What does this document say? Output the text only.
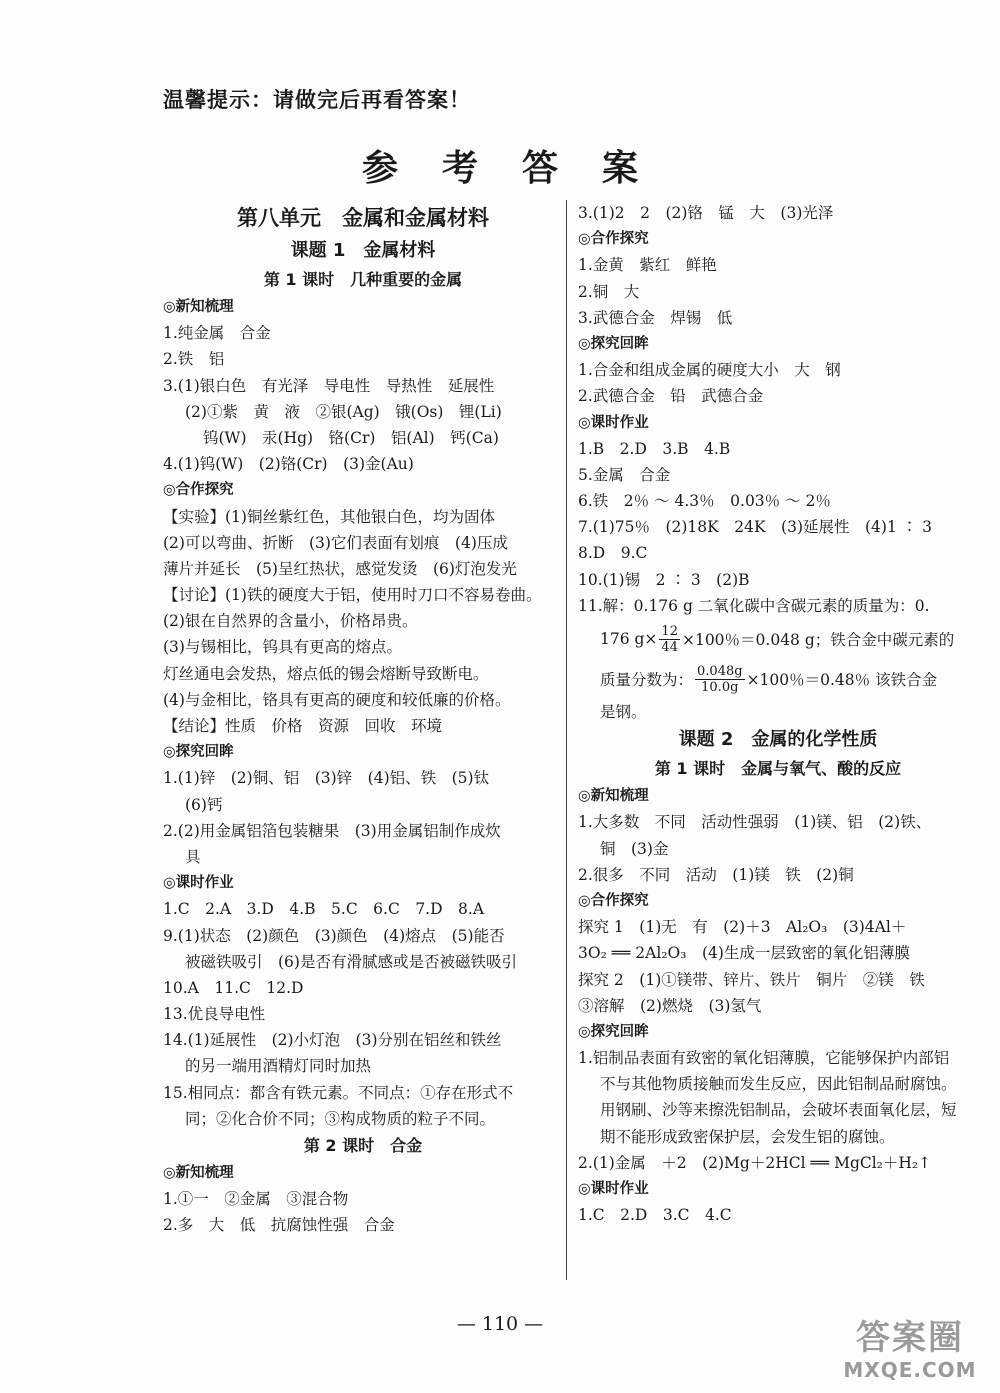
温馨提示：请做完后再看答案！
参考答案
第八单元　金属和金属材料
课题 1　金属材料
第 1 课时　几种重要的金属
◎新知梳理
1.纯金属　合金
2.铁　铝
3.(1)银白色　有光泽　导电性　导热性　延展性
(2)①紫　黄　液　②银(Ag)　锇(Os)　锂(Li)
钨(W)　汞(Hg)　铬(Cr)　铝(Al)　钙(Ca)
4.(1)钨(W)　(2)铬(Cr)　(3)金(Au)
◎合作探究
【实验】(1)铜丝紫红色，其他银白色，均为固体
(2)可以弯曲、折断　(3)它们表面有划痕　(4)压成
薄片并延长　(5)呈红热状，感觉发烫　(6)灯泡发光
【讨论】(1)铁的硬度大于铝，使用时刀口不容易卷曲。
(2)银在自然界的含量小，价格昂贵。
(3)与锡相比，钨具有更高的熔点。
灯丝通电会发热，熔点低的锡会熔断导致断电。
(4)与金相比，铬具有更高的硬度和较低廉的价格。
【结论】性质　价格　资源　回收　环境
◎探究回眸
1.(1)锌　(2)铜、铝　(3)锌　(4)铝、铁　(5)钛
(6)钙
2.(2)用金属铝箔包装糖果　(3)用金属铝制作成炊
具
◎课时作业
1.C　2.A　3.D　4.B　5.C　6.C　7.D　8.A
9.(1)状态　(2)颜色　(3)颜色　(4)熔点　(5)能否
被磁铁吸引　(6)是否有滑腻感或是否被磁铁吸引
10.A　11.C　12.D
13.优良导电性
14.(1)延展性　(2)小灯泡　(3)分别在铝丝和铁丝
的另一端用酒精灯同时加热
15.相同点：都含有铁元素。不同点：①存在形式不
同；②化合价不同；③构成物质的粒子不同。
第 2 课时　合金
◎新知梳理
1.①一　②金属　③混合物
2.多　大　低　抗腐蚀性强　合金
3.(1)2　2　(2)铬　锰　大　(3)光泽
◎合作探究
1.金黄　紫红　鲜艳
2.铜　大
3.武德合金　焊锡　低
◎探究回眸
1.合金和组成金属的硬度大小　大　钢
2.武德合金　铅　武德合金
◎课时作业
1.B　2.D　3.B　4.B
5.金属　合金
6.铁　2％ ～ 4.3％　0.03％ ～ 2％
7.(1)75％　(2)18K　24K　(3)延展性　(4)1 ∶ 3
8.D　9.C
10.(1)锡　2 ∶ 3　(2)B
11.解：0.176 g 二氧化碳中含碳元素的质量为：0.
176 $g\times \frac{12}{44} \times 100$％＝0.048 g；铁合金中碳元素的
质量分数为： $\frac{0.048g}{10.0g} \times 100$％＝0.48％ 该铁合金
是钢。
课题 2　金属的化学性质
第 1 课时　金属与氧气、酸的反应
◎新知梳理
1.大多数　不同　活动性强弱　(1)镁、铝　(2)铁、
铜　(3)金
2.很多　不同　活动　(1)镁　铁　(2)铜
◎合作探究
探究 1　(1)无　有　(2)＋3　Al₂O₃　(3)4Al＋
3O₂ ══ 2Al₂O₃　(4)生成一层致密的氧化铝薄膜
探究 2　(1)①镁带、锌片、铁片　铜片　②镁　铁
③溶解　(2)燃烧　(3)氢气
◎探究回眸
1.铝制品表面有致密的氧化铝薄膜，它能够保护内部铝
不与其他物质接触而发生反应，因此铝制品耐腐蚀。
用钢刷、沙等来擦洗铝制品，会破坏表面氧化层，短
期不能形成致密保护层，会发生铝的腐蚀。
2.(1)金属　＋2　(2)Mg＋2HCl ══ MgCl₂＋H₂↑
◎课时作业
1.C　2.D　3.C　4.C
— 110 —	答案圈
MXQE.COM
